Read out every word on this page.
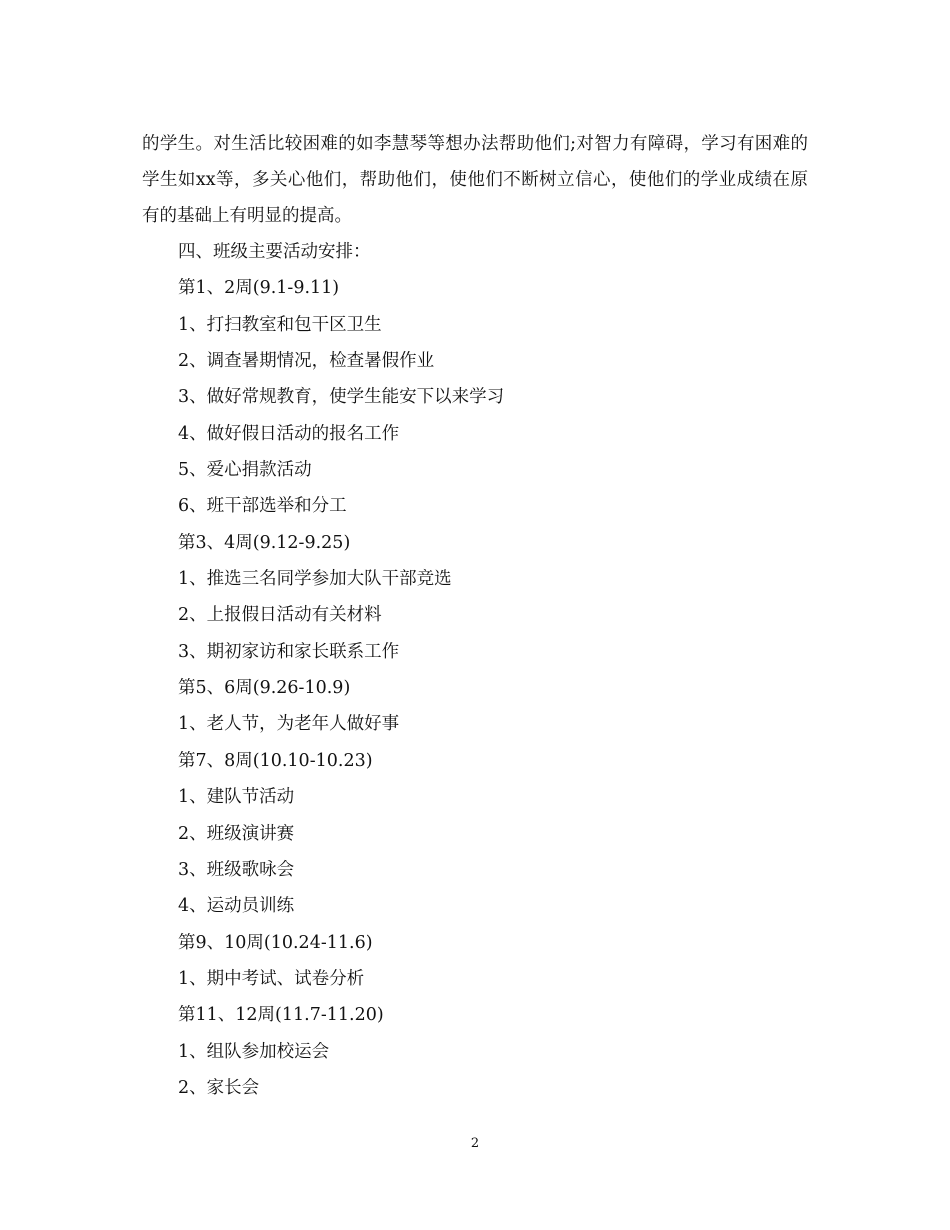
的学生。对生活比较困难的如李慧琴等想办法帮助他们;对智力有障碍，学习有困难的学生如xx等，多关心他们，帮助他们，使他们不断树立信心，使他们的学业成绩在原有的基础上有明显的提高。

四、班级主要活动安排：
第1、2周(9.1-9.11)
1、打扫教室和包干区卫生
2、调查暑期情况，检查暑假作业
3、做好常规教育，使学生能安下以来学习
4、做好假日活动的报名工作
5、爱心捐款活动
6、班干部选举和分工
第3、4周(9.12-9.25)
1、推选三名同学参加大队干部竞选
2、上报假日活动有关材料
3、期初家访和家长联系工作
第5、6周(9.26-10.9)
1、老人节，为老年人做好事
第7、8周(10.10-10.23)
1、建队节活动
2、班级演讲赛
3、班级歌咏会
4、运动员训练
第9、10周(10.24-11.6)
1、期中考试、试卷分析
第11、12周(11.7-11.20)
1、组队参加校运会
2、家长会
2
